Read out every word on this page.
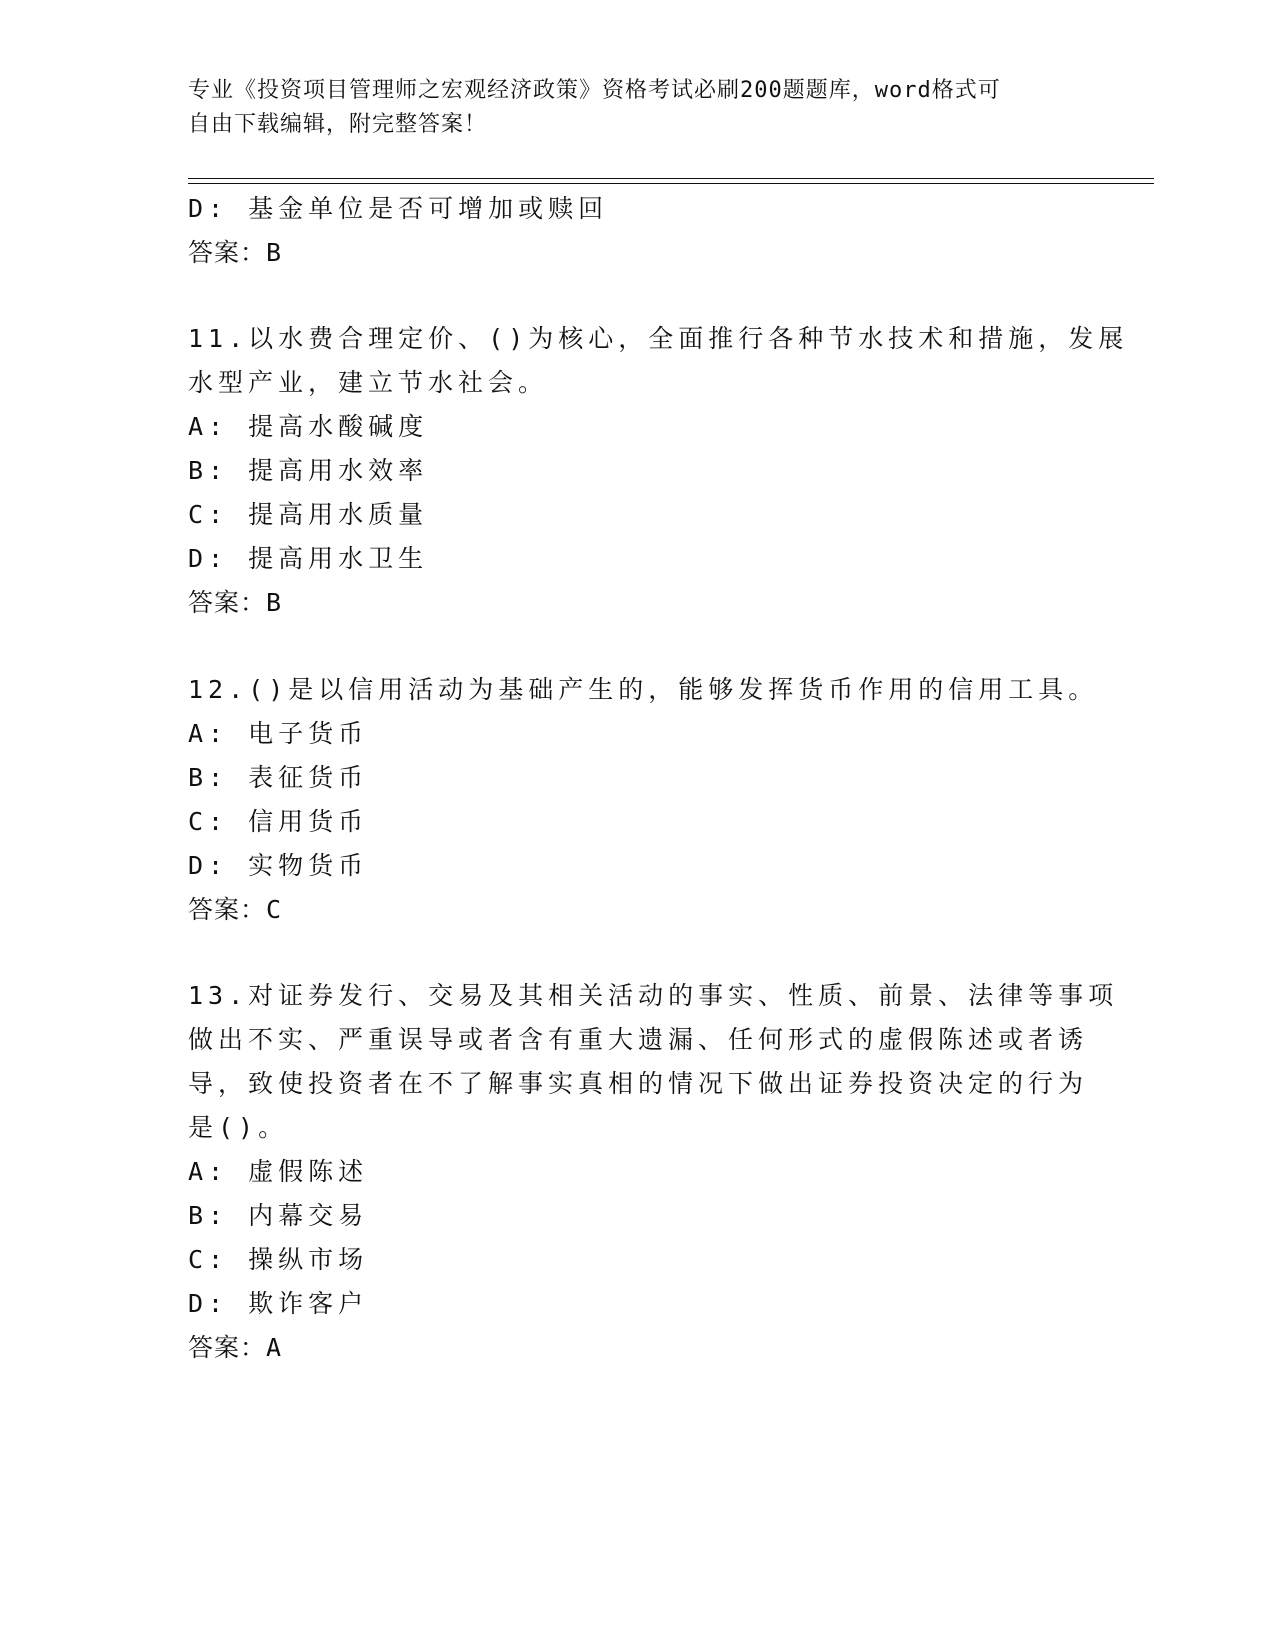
专业《投资项目管理师之宏观经济政策》资格考试必刷200题题库，word格式可
自由下载编辑，附完整答案！
D: 基金单位是否可增加或赎回
答案：B
11.以水费合理定价、()为核心，全面推行各种节水技术和措施，发展
水型产业，建立节水社会。
A: 提高水酸碱度
B: 提高用水效率
C: 提高用水质量
D: 提高用水卫生
答案：B
12.()是以信用活动为基础产生的，能够发挥货币作用的信用工具。
A: 电子货币
B: 表征货币
C: 信用货币
D: 实物货币
答案：C
13.对证券发行、交易及其相关活动的事实、性质、前景、法律等事项
做出不实、严重误导或者含有重大遗漏、任何形式的虚假陈述或者诱
导，致使投资者在不了解事实真相的情况下做出证券投资决定的行为
是()。
A: 虚假陈述
B: 内幕交易
C: 操纵市场
D: 欺诈客户
答案：A
